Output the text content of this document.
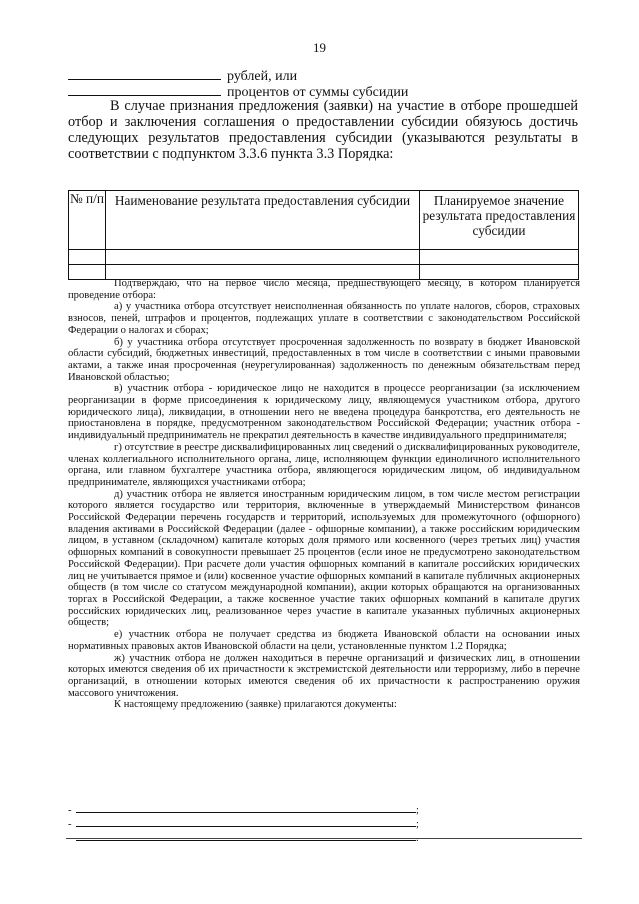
19
рублей, или
процентов от суммы субсидии

В случае признания предложения (заявки) на участие в отборе прошедшей отбор и заключения соглашения о предоставлении субсидии обязуюсь достичь следующих результатов предоставления субсидии (указываются результаты в соответствии с подпунктом 3.3.6 пункта 3.3 Порядка:

№ п/п	Наименование результата предоставления субсидии	Планируемое значение результата предоставления субсидии

Подтверждаю, что на первое число месяца, предшествующего месяцу, в котором планируется проведение отбора:

а) у участника отбора отсутствует неисполненная обязанность по уплате налогов, сборов, страховых взносов, пеней, штрафов и процентов, подлежащих уплате в соответствии с законодательством Российской Федерации о налогах и сборах;

б) у участника отбора отсутствует просроченная задолженность по возврату в бюджет Ивановской области субсидий, бюджетных инвестиций, предоставленных в том числе в соответствии с иными правовыми актами, а также иная просроченная (неурегулированная) задолженность по денежным обязательствам перед Ивановской областью;

в) участник отбора - юридическое лицо не находится в процессе реорганизации (за исключением реорганизации в форме присоединения к юридическому лицу, являющемуся участником отбора, другого юридического лица), ликвидации, в отношении него не введена процедура банкротства, его деятельность не приостановлена в порядке, предусмотренном законодательством Российской Федерации; участник отбора - индивидуальный предприниматель не прекратил деятельность в качестве индивидуального предпринимателя;

г) отсутствие в реестре дисквалифицированных лиц сведений о дисквалифицированных руководителе, членах коллегиального исполнительного органа, лице, исполняющем функции единоличного исполнительного органа, или главном бухгалтере участника отбора, являющегося юридическим лицом, об индивидуальном предпринимателе, являющихся участниками отбора;

д) участник отбора не является иностранным юридическим лицом, в том числе местом регистрации которого является государство или территория, включенные в утверждаемый Министерством финансов Российской Федерации перечень государств и территорий, используемых для промежуточного (офшорного) владения активами в Российской Федерации (далее - офшорные компании), а также российским юридическим лицом, в уставном (складочном) капитале которых доля прямого или косвенного (через третьих лиц) участия офшорных компаний в совокупности превышает 25 процентов (если иное не предусмотрено законодательством Российской Федерации). При расчете доли участия офшорных компаний в капитале российских юридических лиц не учитывается прямое и (или) косвенное участие офшорных компаний в капитале публичных акционерных обществ (в том числе со статусом международной компании), акции которых обращаются на организованных торгах в Российской Федерации, а также косвенное участие таких офшорных компаний в капитале других российских юридических лиц, реализованное через участие в капитале указанных публичных акционерных обществ;

е) участник отбора не получает средства из бюджета Ивановской области на основании иных нормативных правовых актов Ивановской области на цели, установленные пунктом 1.2 Порядка;

ж) участник отбора не должен находиться в перечне организаций и физических лиц, в отношении которых имеются сведения об их причастности к экстремистской деятельности или терроризму, либо в перечне организаций, в отношении которых имеются сведения об их причастности к распространению оружия массового уничтожения.

К настоящему предложению (заявке) прилагаются документы:

-	;
-	;
-	.
